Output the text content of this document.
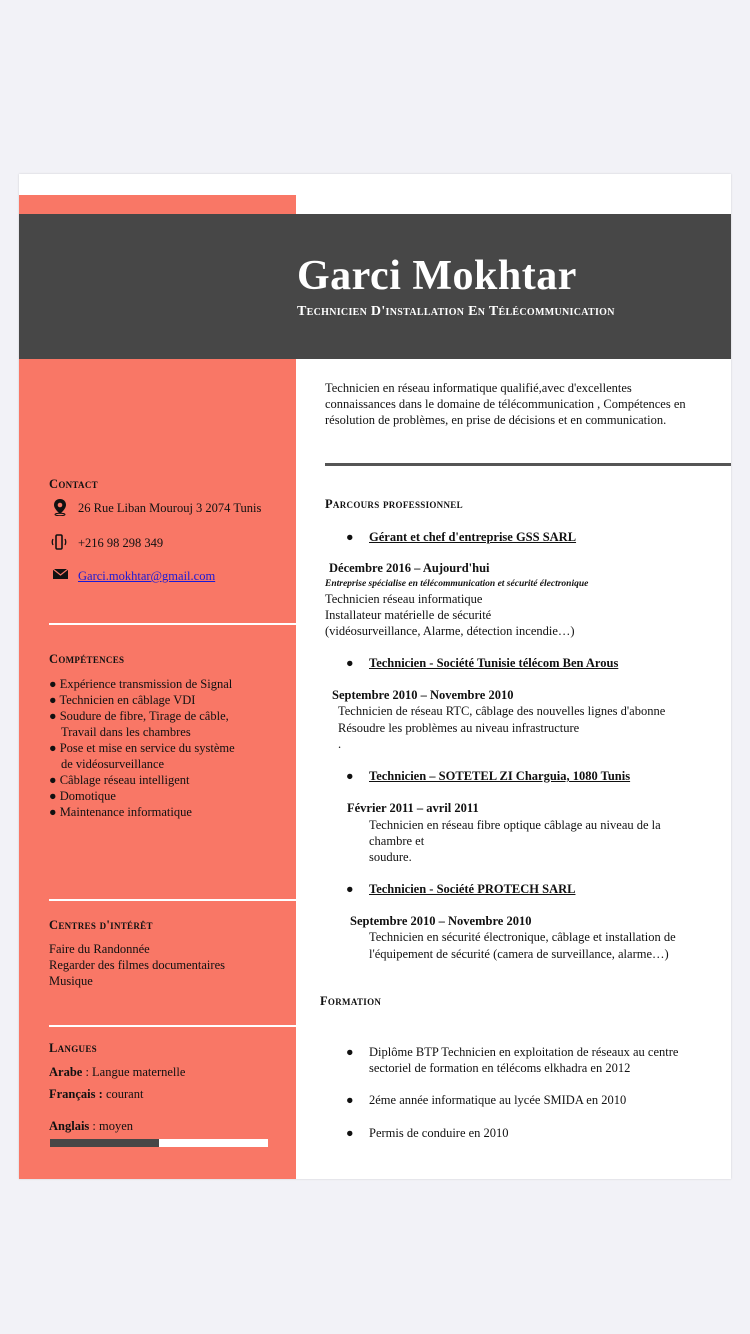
Garci Mokhtar
Technicien D'installation En Télécommunication
Technicien en réseau informatique qualifié,avec d'excellentes connaissances dans le domaine de télécommunication , Compétences en résolution de problèmes, en prise de décisions et en communication.
Contact
26 Rue Liban Mourouj 3 2074 Tunis
+216 98 298 349
Garci.mokhtar@gmail.com
Compétences
● Expérience transmission de Signal
● Technicien en câblage VDI
● Soudure de fibre, Tirage de câble,
Travail dans les chambres
● Pose et mise en service du système
de vidéosurveillance
● Câblage réseau intelligent
● Domotique
● Maintenance informatique
Centres d'intérêt
Faire du Randonnée
Regarder des filmes documentaires
Musique
Langues
Arabe : Langue maternelle
Français : courant
Anglais : moyen
Parcours professionnel
● Gérant et chef d'entreprise GSS SARL
Décembre 2016 – Aujourd'hui
Entreprise spécialise en télécommunication et sécurité électronique
Technicien réseau informatique
Installateur matérielle de sécurité
(vidéosurveillance, Alarme, détection incendie…)
● Technicien - Société Tunisie télécom Ben Arous
Septembre 2010 – Novembre 2010
Technicien de réseau RTC, câblage des nouvelles lignes d'abonne
Résoudre les problèmes au niveau infrastructure
.
● Technicien – SOTETEL ZI Charguia, 1080 Tunis
Février 2011 – avril 2011
Technicien en réseau fibre optique câblage au niveau de la
chambre et
soudure.
● Technicien - Société PROTECH SARL
Septembre 2010 – Novembre 2010
Technicien en sécurité électronique, câblage et installation de
l'équipement de sécurité (camera de surveillance, alarme…)
Formation
● Diplôme BTP Technicien en exploitation de réseaux au centre
sectoriel de formation en télécoms elkhadra en 2012
● 2éme année informatique au lycée SMIDA en 2010
● Permis de conduire en 2010
